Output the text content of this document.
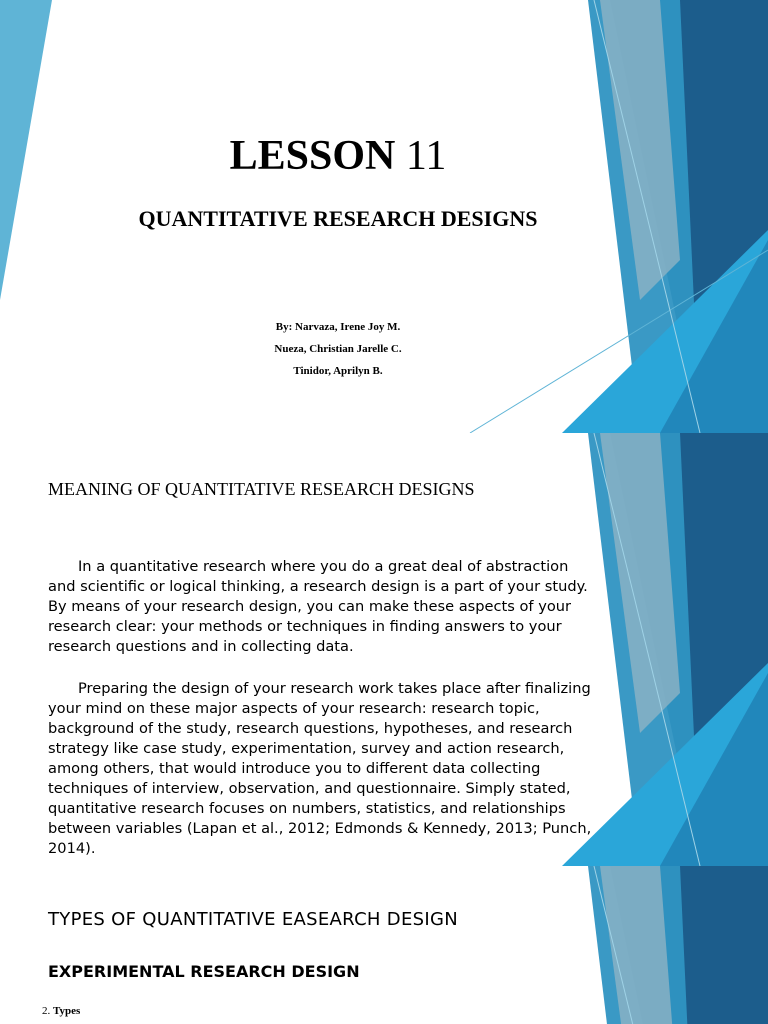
LESSON 11
QUANTITATIVE RESEARCH DESIGNS
By: Narvaza, Irene Joy M.
Nueza, Christian Jarelle C.
Tinidor, Aprilyn B.
MEANING OF QUANTITATIVE RESEARCH DESIGNS

In a quantitative research where you do a great deal of abstraction and scientific or logical thinking, a research design is a part of your study. By means of your research design, you can make these aspects of your research clear: your methods or techniques in finding answers to your research questions and in collecting data.

Preparing the design of your research work takes place after finalizing your mind on these major aspects of your research: research topic, background of the study, research questions, hypotheses, and research strategy like case study, experimentation, survey and action research, among others, that would introduce you to different data collecting techniques of interview, observation, and questionnaire. Simply stated, quantitative research focuses on numbers, statistics, and relationships between variables (Lapan et al., 2012; Edmonds & Kennedy, 2013; Punch, 2014).

TYPES OF QUANTITATIVE EASEARCH DESIGN
EXPERIMENTAL RESEARCH DESIGN
2. Types
